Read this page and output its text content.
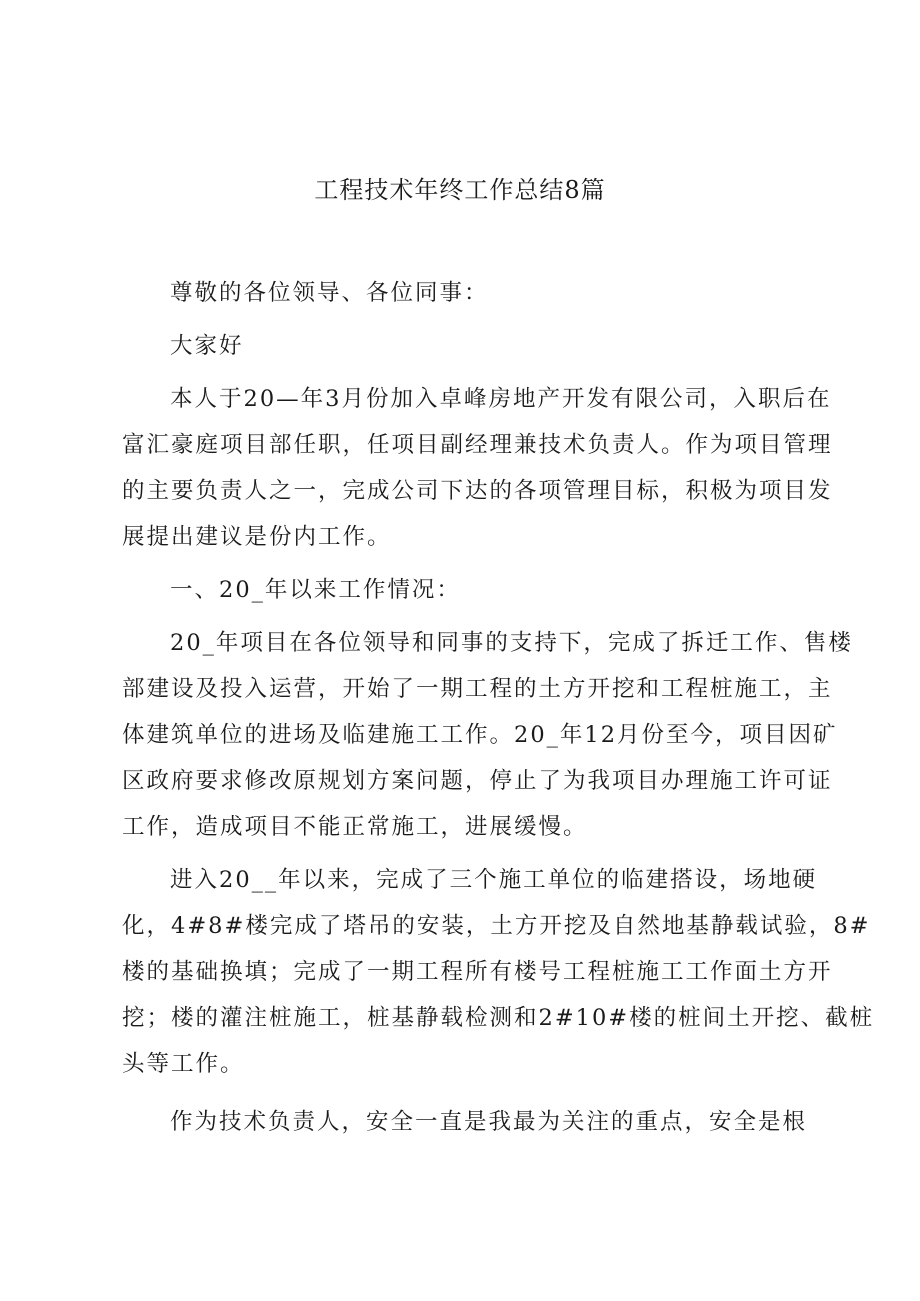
工程技术年终工作总结8篇

尊敬的各位领导、各位同事：

大家好

本人于20—年3月份加入卓峰房地产开发有限公司，入职后在
富汇豪庭项目部任职，任项目副经理兼技术负责人。作为项目管理
的主要负责人之一，完成公司下达的各项管理目标，积极为项目发
展提出建议是份内工作。

一、20_年以来工作情况：

20_年项目在各位领导和同事的支持下，完成了拆迁工作、售楼
部建设及投入运营，开始了一期工程的土方开挖和工程桩施工，主
体建筑单位的进场及临建施工工作。20_年12月份至今，项目因矿
区政府要求修改原规划方案问题，停止了为我项目办理施工许可证
工作，造成项目不能正常施工，进展缓慢。

进入20__年以来，完成了三个施工单位的临建搭设，场地硬
化，4#8#楼完成了塔吊的安装，土方开挖及自然地基静载试验，8#
楼的基础换填；完成了一期工程所有楼号工程桩施工工作面土方开
挖；楼的灌注桩施工，桩基静载检测和2#10#楼的桩间土开挖、截桩
头等工作。

作为技术负责人，安全一直是我最为关注的重点，安全是根
